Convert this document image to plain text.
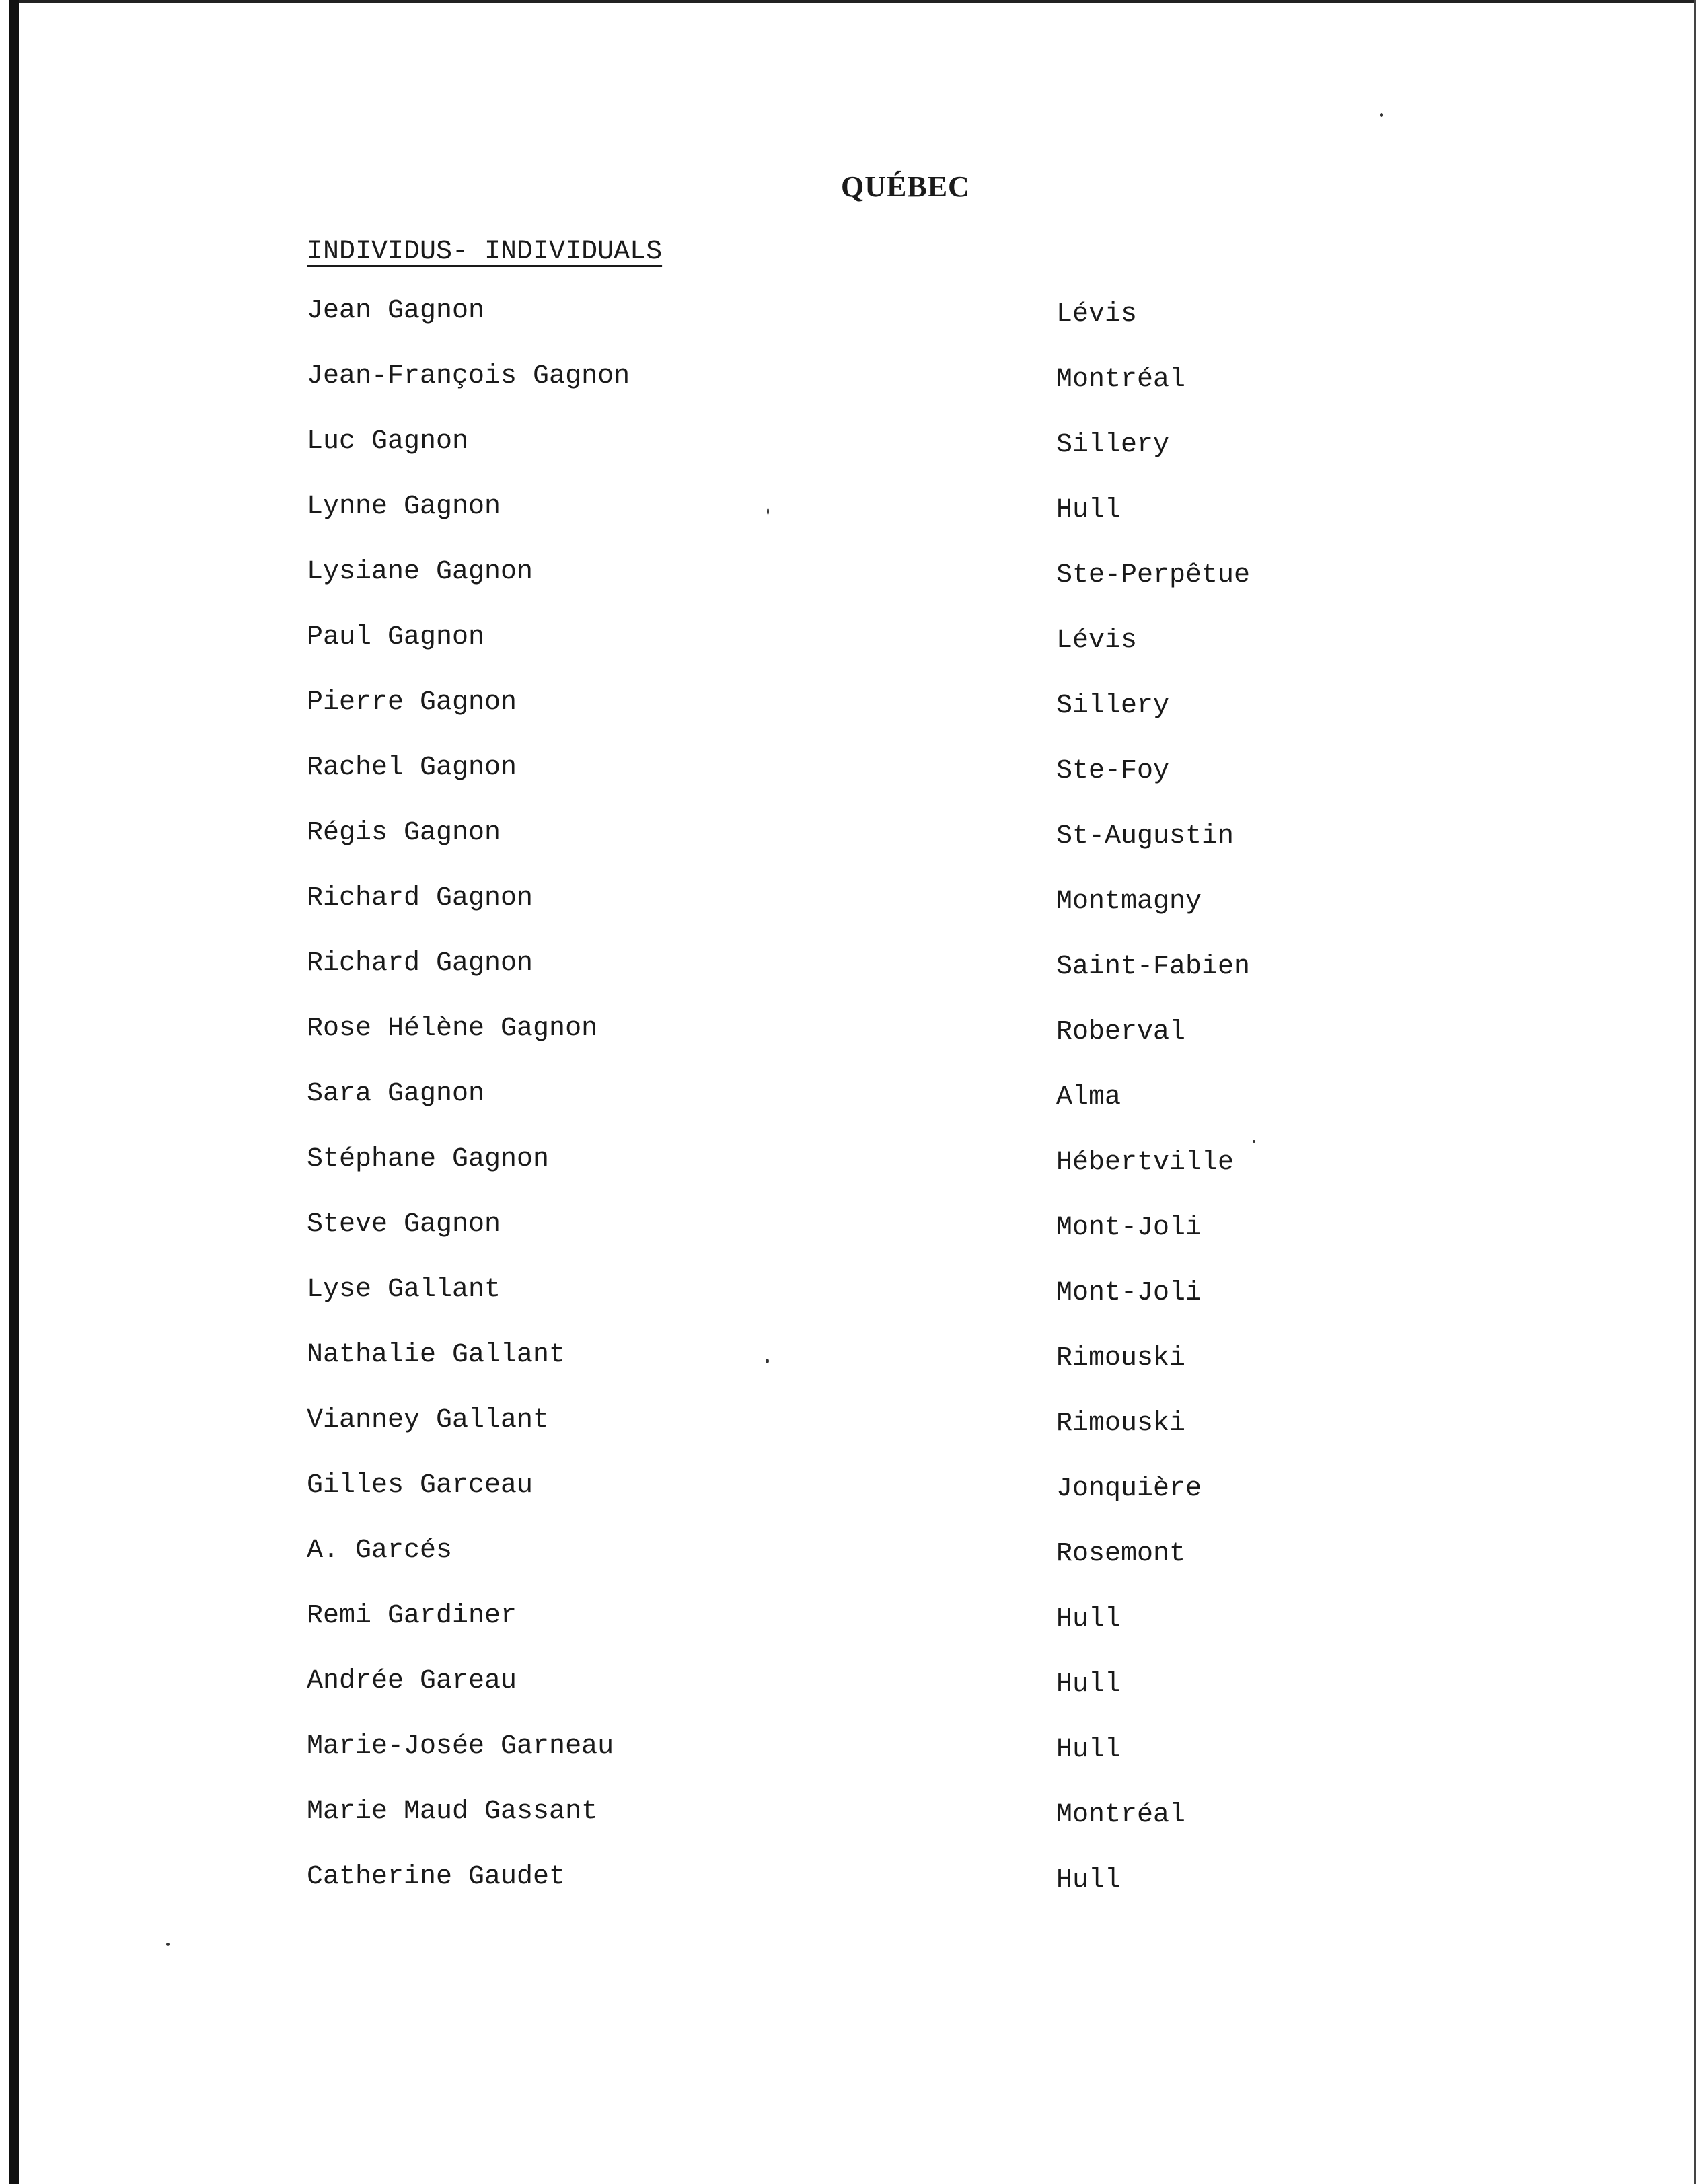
QUÉBEC
INDIVIDUS- INDIVIDUALS
Jean Gagnon	Lévis
Jean-François Gagnon	Montréal
Luc Gagnon	Sillery
Lynne Gagnon	Hull
Lysiane Gagnon	Ste-Perpêtue
Paul Gagnon	Lévis
Pierre Gagnon	Sillery
Rachel Gagnon	Ste-Foy
Régis Gagnon	St-Augustin
Richard Gagnon	Montmagny
Richard Gagnon	Saint-Fabien
Rose Hélène Gagnon	Roberval
Sara Gagnon	Alma
Stéphane Gagnon	Hébertville
Steve Gagnon	Mont-Joli
Lyse Gallant	Mont-Joli
Nathalie Gallant	Rimouski
Vianney Gallant	Rimouski
Gilles Garceau	Jonquière
A. Garcés	Rosemont
Remi Gardiner	Hull
Andrée Gareau	Hull
Marie-Josée Garneau	Hull
Marie Maud Gassant	Montréal
Catherine Gaudet	Hull
